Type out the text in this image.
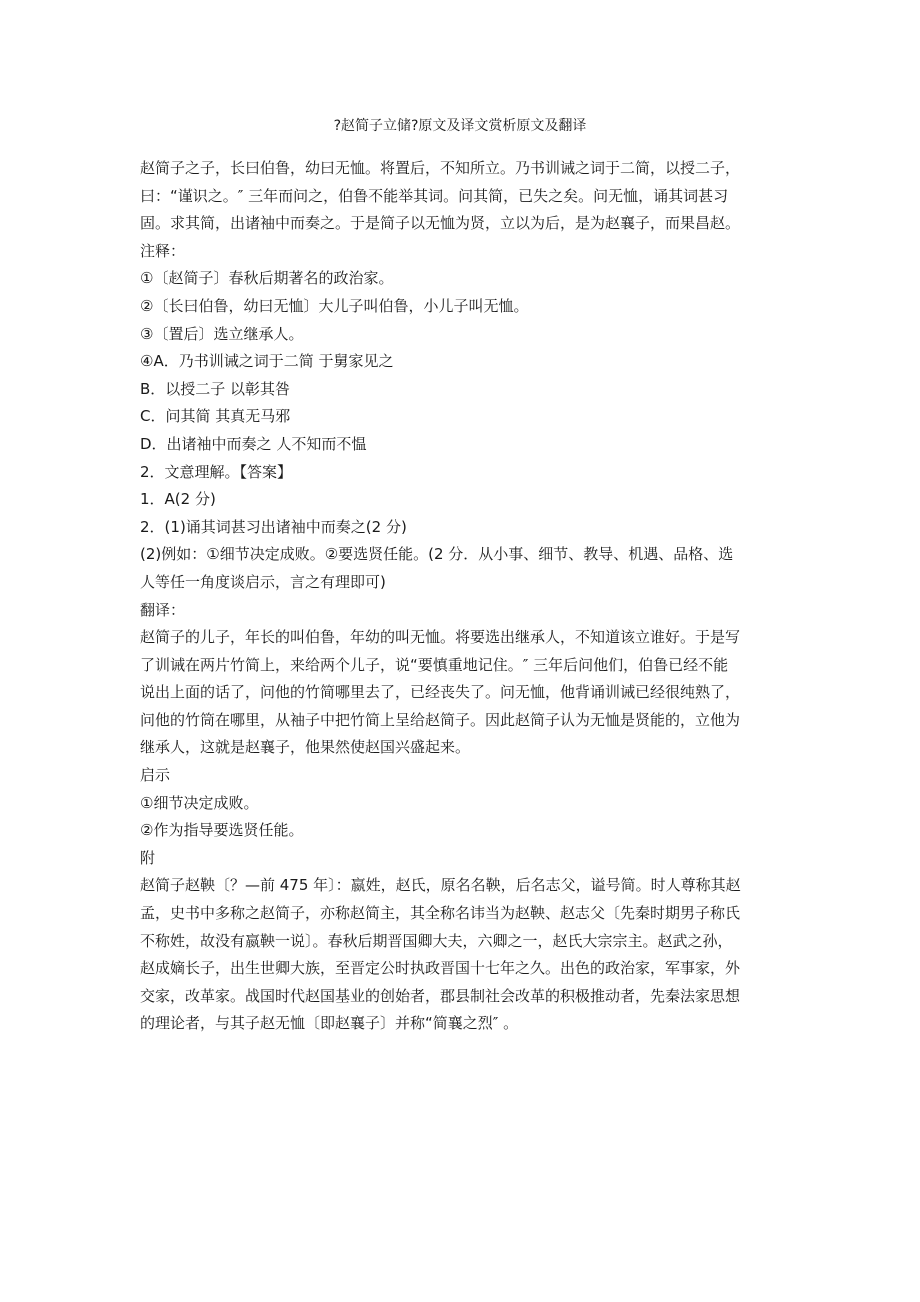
?赵简子立储?原文及译文赏析原文及翻译
赵简子之子，长曰伯鲁，幼曰无恤。将置后，不知所立。乃书训诫之词于二简，以授二子，
曰：“谨识之。″ 三年而问之，伯鲁不能举其词。问其简，已失之矣。问无恤，诵其词甚习
固。求其简，出诸袖中而奏之。于是简子以无恤为贤，立以为后，是为赵襄子，而果昌赵。
注释：
①〔赵简子〕春秋后期著名的政治家。
②〔长曰伯鲁，幼曰无恤〕大儿子叫伯鲁，小儿子叫无恤。
③〔置后〕选立继承人。
④A．乃书训诫之词于二简 于舅家见之
B．以授二子 以彰其咎
C．问其简 其真无马邪
D．出诸袖中而奏之 人不知而不愠
2．文意理解。【答案】
1．A(2 分)
2．(1)诵其词甚习出诸袖中而奏之(2 分)
(2)例如：①细节决定成败。②要选贤任能。(2 分．从小事、细节、教导、机遇、品格、选
人等任一角度谈启示，言之有理即可)
翻译：
赵简子的儿子，年长的叫伯鲁，年幼的叫无恤。将要选出继承人，不知道该立谁好。于是写
了训诫在两片竹简上，来给两个儿子，说“要慎重地记住。″ 三年后问他们，伯鲁已经不能
说出上面的话了，问他的竹简哪里去了，已经丧失了。问无恤，他背诵训诫已经很纯熟了，
问他的竹筒在哪里，从袖子中把竹简上呈给赵简子。因此赵简子认为无恤是贤能的，立他为
继承人，这就是赵襄子，他果然使赵国兴盛起来。
启示
①细节决定成败。
②作为指导要选贤任能。
附
赵简子赵鞅〔？—前 475 年〕：嬴姓，赵氏，原名名鞅，后名志父，谥号简。时人尊称其赵
孟，史书中多称之赵简子，亦称赵简主，其全称名讳当为赵鞅、赵志父〔先秦时期男子称氏
不称姓，故没有嬴鞅一说〕。春秋后期晋国卿大夫，六卿之一，赵氏大宗宗主。赵武之孙，
赵成嫡长子，出生世卿大族，至晋定公时执政晋国十七年之久。出色的政治家，军事家，外
交家，改革家。战国时代赵国基业的创始者，郡县制社会改革的积极推动者，先秦法家思想
的理论者，与其子赵无恤〔即赵襄子〕并称“简襄之烈″ 。
